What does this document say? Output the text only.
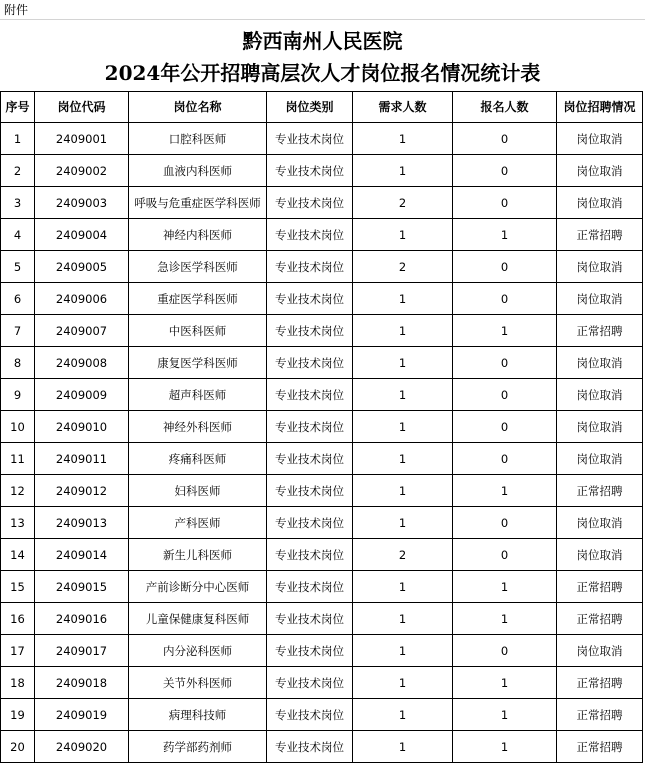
附件
黔西南州人民医院
2024年公开招聘高层次人才岗位报名情况统计表
序号	岗位代码	岗位名称	岗位类别	需求人数	报名人数	岗位招聘情况
1	2409001	口腔科医师	专业技术岗位	1	0	岗位取消
2	2409002	血液内科医师	专业技术岗位	1	0	岗位取消
3	2409003	呼吸与危重症医学科医师	专业技术岗位	2	0	岗位取消
4	2409004	神经内科医师	专业技术岗位	1	1	正常招聘
5	2409005	急诊医学科医师	专业技术岗位	2	0	岗位取消
6	2409006	重症医学科医师	专业技术岗位	1	0	岗位取消
7	2409007	中医科医师	专业技术岗位	1	1	正常招聘
8	2409008	康复医学科医师	专业技术岗位	1	0	岗位取消
9	2409009	超声科医师	专业技术岗位	1	0	岗位取消
10	2409010	神经外科医师	专业技术岗位	1	0	岗位取消
11	2409011	疼痛科医师	专业技术岗位	1	0	岗位取消
12	2409012	妇科医师	专业技术岗位	1	1	正常招聘
13	2409013	产科医师	专业技术岗位	1	0	岗位取消
14	2409014	新生儿科医师	专业技术岗位	2	0	岗位取消
15	2409015	产前诊断分中心医师	专业技术岗位	1	1	正常招聘
16	2409016	儿童保健康复科医师	专业技术岗位	1	1	正常招聘
17	2409017	内分泌科医师	专业技术岗位	1	0	岗位取消
18	2409018	关节外科医师	专业技术岗位	1	1	正常招聘
19	2409019	病理科技师	专业技术岗位	1	1	正常招聘
20	2409020	药学部药剂师	专业技术岗位	1	1	正常招聘
